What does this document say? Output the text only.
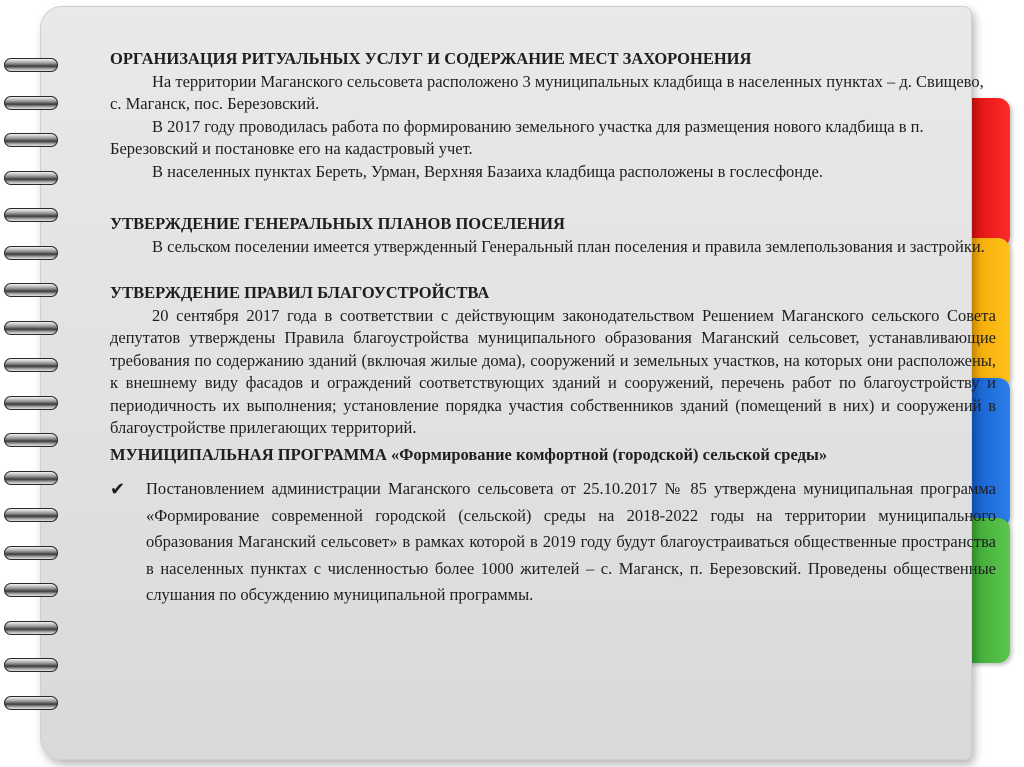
ОРГАНИЗАЦИЯ РИТУАЛЬНЫХ УСЛУГ И СОДЕРЖАНИЕ МЕСТ ЗАХОРОНЕНИЯ

На территории Маганского сельсовета расположено 3 муниципальных кладбища в населенных пунктах – д. Свищево, с. Маганск, пос. Березовский.

В 2017 году проводилась работа по формированию земельного участка для размещения нового кладбища в п. Березовский и постановке его на кадастровый учет.

В населенных пунктах Береть, Урман, Верхняя Базаиха кладбища расположены в гослесфонде.

УТВЕРЖДЕНИЕ ГЕНЕРАЛЬНЫХ ПЛАНОВ ПОСЕЛЕНИЯ

В сельском поселении имеется утвержденный Генеральный план поселения и правила землепользования и застройки.

УТВЕРЖДЕНИЕ ПРАВИЛ БЛАГОУСТРОЙСТВА

20 сентября 2017 года в соответствии с действующим законодательством Решением Маганского сельского Совета депутатов утверждены Правила благоустройства муниципального образования Маганский сельсовет, устанавливающие требования по содержанию зданий (включая жилые дома), сооружений и земельных участков, на которых они расположены, к внешнему виду фасадов и ограждений соответствующих зданий и сооружений, перечень работ по благоустройству и периодичность их выполнения; установление порядка участия собственников зданий (помещений в них) и сооружений в благоустройстве прилегающих территорий.

МУНИЦИПАЛЬНАЯ ПРОГРАММА «Формирование комфортной (городской) сельской среды»

✔	Постановлением администрации Маганского сельсовета от 25.10.2017 № 85 утверждена муниципальная программа «Формирование современной городской (сельской) среды на 2018-2022 годы на территории муниципального образования Маганский сельсовет» в рамках которой в 2019 году будут благоустраиваться общественные пространства в населенных пунктах с численностью более 1000 жителей – с. Маганск, п. Березовский. Проведены общественные слушания по обсуждению муниципальной программы.
